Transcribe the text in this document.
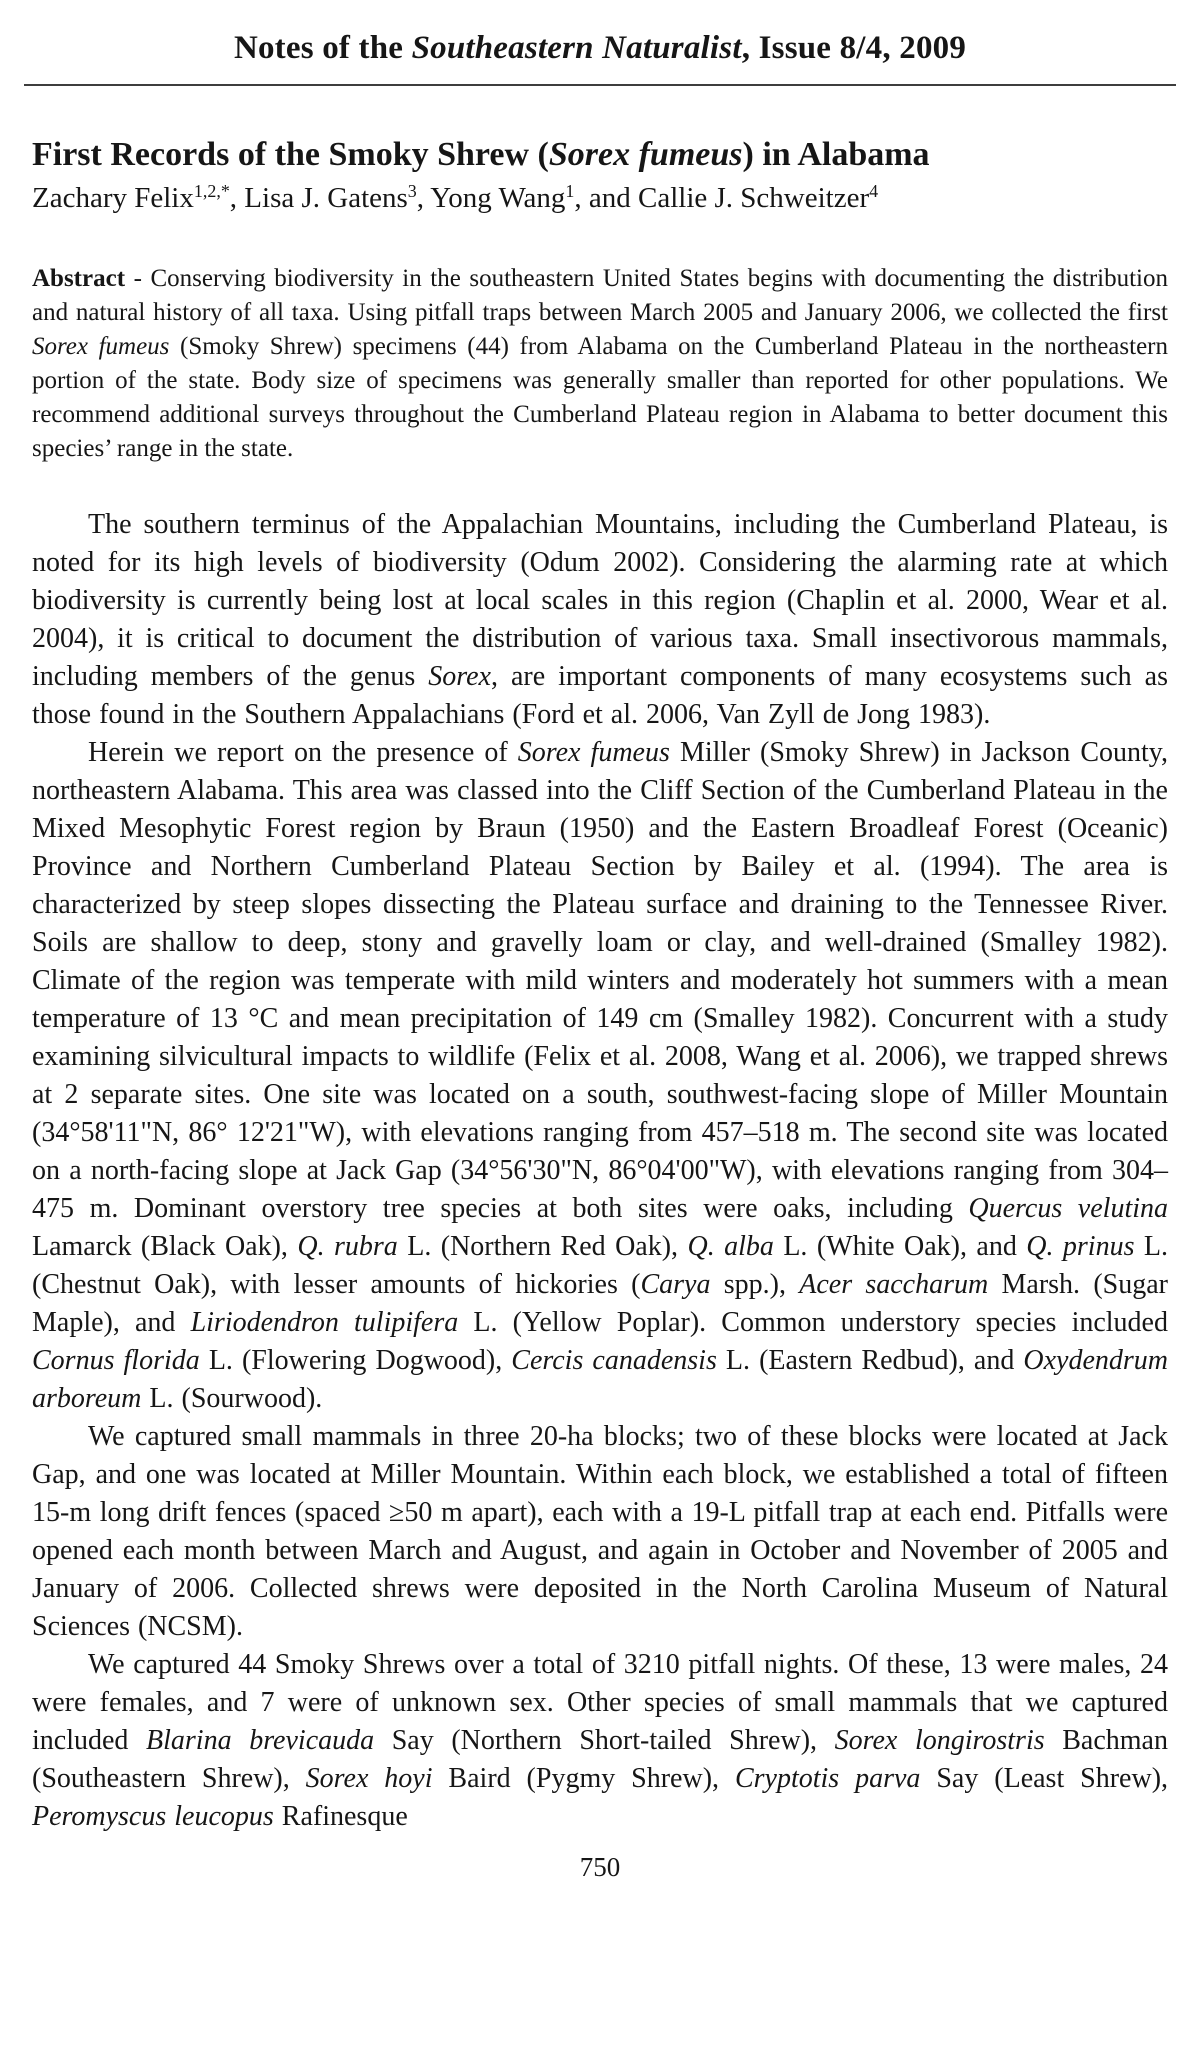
Notes of the Southeastern Naturalist, Issue 8/4, 2009
First Records of the Smoky Shrew (Sorex fumeus) in Alabama
Zachary Felix$^{1,2,*}$, Lisa J. Gatens$^3$, Yong Wang$^1$, and Callie J. Schweitzer$^4$

Abstract - Conserving biodiversity in the southeastern United States begins with documenting the distribution and natural history of all taxa. Using pitfall traps between March 2005 and January 2006, we collected the first Sorex fumeus (Smoky Shrew) specimens (44) from Alabama on the Cumberland Plateau in the northeastern portion of the state. Body size of specimens was generally smaller than reported for other populations. We recommend additional surveys throughout the Cumberland Plateau region in Alabama to better document this species’ range in the state.

The southern terminus of the Appalachian Mountains, including the Cumberland Plateau, is noted for its high levels of biodiversity (Odum 2002). Considering the alarming rate at which biodiversity is currently being lost at local scales in this region (Chaplin et al. 2000, Wear et al. 2004), it is critical to document the distribution of various taxa. Small insectivorous mammals, including members of the genus Sorex, are important components of many ecosystems such as those found in the Southern Appalachians (Ford et al. 2006, Van Zyll de Jong 1983).

Herein we report on the presence of Sorex fumeus Miller (Smoky Shrew) in Jackson County, northeastern Alabama. This area was classed into the Cliff Section of the Cumberland Plateau in the Mixed Mesophytic Forest region by Braun (1950) and the Eastern Broadleaf Forest (Oceanic) Province and Northern Cumberland Plateau Section by Bailey et al. (1994). The area is characterized by steep slopes dissecting the Plateau surface and draining to the Tennessee River. Soils are shallow to deep, stony and gravelly loam or clay, and well-drained (Smalley 1982). Climate of the region was temperate with mild winters and moderately hot summers with a mean temperature of 13 °C and mean precipitation of 149 cm (Smalley 1982). Concurrent with a study examining silvicultural impacts to wildlife (Felix et al. 2008, Wang et al. 2006), we trapped shrews at 2 separate sites. One site was located on a south, southwest-facing slope of Miller Mountain (34°58'11"N, 86° 12'21"W), with elevations ranging from 457–518 m. The second site was located on a north-facing slope at Jack Gap (34°56'30"N, 86°04'00"W), with elevations ranging from 304–475 m. Dominant overstory tree species at both sites were oaks, including Quercus velutina Lamarck (Black Oak), Q. rubra L. (Northern Red Oak), Q. alba L. (White Oak), and Q. prinus L. (Chestnut Oak), with lesser amounts of hickories (Carya spp.), Acer saccharum Marsh. (Sugar Maple), and Liriodendron tulipifera L. (Yellow Poplar). Common understory species included Cornus florida L. (Flowering Dogwood), Cercis canadensis L. (Eastern Redbud), and Oxydendrum arboreum L. (Sourwood).

We captured small mammals in three 20-ha blocks; two of these blocks were located at Jack Gap, and one was located at Miller Mountain. Within each block, we established a total of fifteen 15-m long drift fences (spaced ≥50 m apart), each with a 19-L pitfall trap at each end. Pitfalls were opened each month between March and August, and again in October and November of 2005 and January of 2006. Collected shrews were deposited in the North Carolina Museum of Natural Sciences (NCSM).

We captured 44 Smoky Shrews over a total of 3210 pitfall nights. Of these, 13 were males, 24 were females, and 7 were of unknown sex. Other species of small mammals that we captured included Blarina brevicauda Say (Northern Short-tailed Shrew), Sorex longirostris Bachman (Southeastern Shrew), Sorex hoyi Baird (Pygmy Shrew), Cryptotis parva Say (Least Shrew), Peromyscus leucopus Rafinesque

750
